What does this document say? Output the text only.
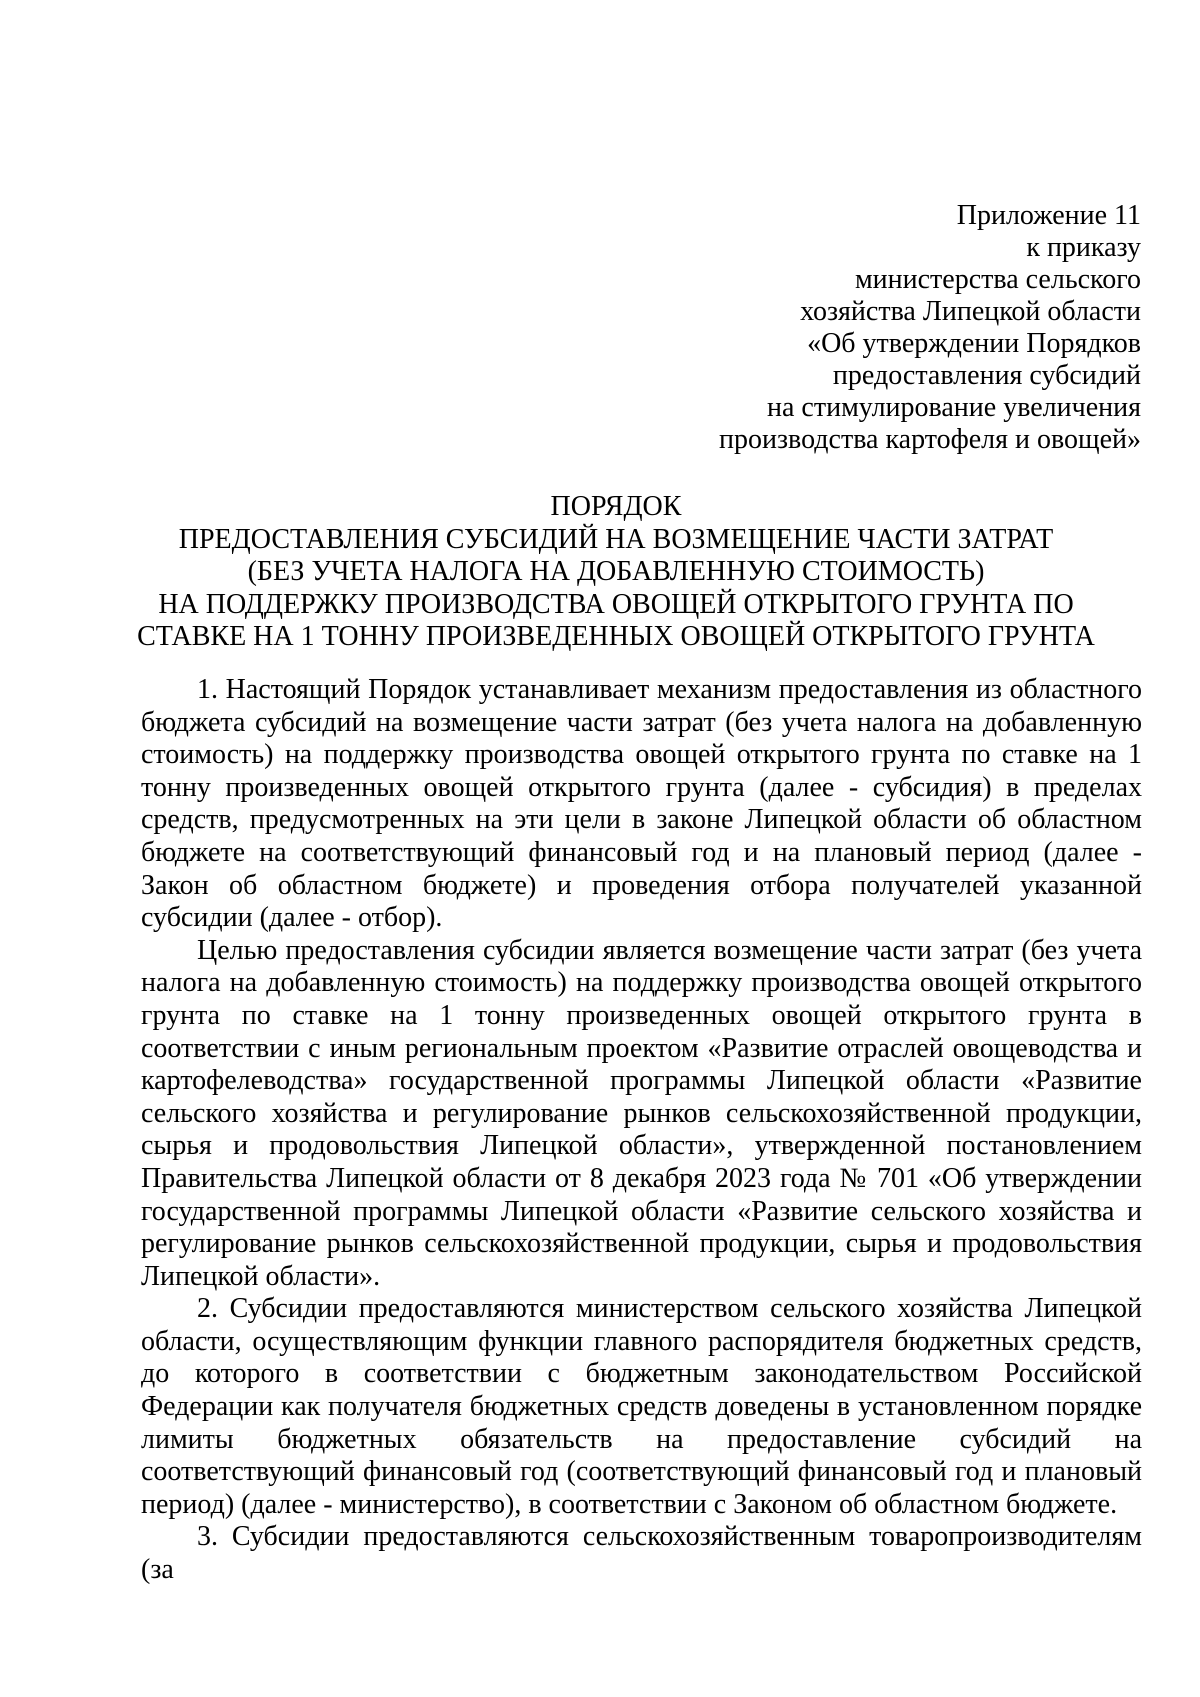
Приложение 11
к приказу
министерства сельского
хозяйства Липецкой области
«Об утверждении Порядков
предоставления субсидий
на стимулирование увеличения
производства картофеля и овощей»
ПОРЯДОК
ПРЕДОСТАВЛЕНИЯ СУБСИДИЙ НА ВОЗМЕЩЕНИЕ ЧАСТИ ЗАТРАТ
(БЕЗ УЧЕТА НАЛОГА НА ДОБАВЛЕННУЮ СТОИМОСТЬ)
НА ПОДДЕРЖКУ ПРОИЗВОДСТВА ОВОЩЕЙ ОТКРЫТОГО ГРУНТА ПО
СТАВКЕ НА 1 ТОННУ ПРОИЗВЕДЕННЫХ ОВОЩЕЙ ОТКРЫТОГО ГРУНТА

1. Настоящий Порядок устанавливает механизм предоставления из областного бюджета субсидий на возмещение части затрат (без учета налога на добавленную стоимость) на поддержку производства овощей открытого грунта по ставке на 1 тонну произведенных овощей открытого грунта (далее - субсидия) в пределах средств, предусмотренных на эти цели в законе Липецкой области об областном бюджете на соответствующий финансовый год и на плановый период (далее - Закон об областном бюджете) и проведения отбора получателей указанной субсидии (далее - отбор).

Целью предоставления субсидии является возмещение части затрат (без учета налога на добавленную стоимость) на поддержку производства овощей открытого грунта по ставке на 1 тонну произведенных овощей открытого грунта в соответствии с иным региональным проектом «Развитие отраслей овощеводства и картофелеводства» государственной программы Липецкой области «Развитие сельского хозяйства и регулирование рынков сельскохозяйственной продукции, сырья и продовольствия Липецкой области», утвержденной постановлением Правительства Липецкой области от 8 декабря 2023 года № 701 «Об утверждении государственной программы Липецкой области «Развитие сельского хозяйства и регулирование рынков сельскохозяйственной продукции, сырья и продовольствия Липецкой области».

2. Субсидии предоставляются министерством сельского хозяйства Липецкой области, осуществляющим функции главного распорядителя бюджетных средств, до которого в соответствии с бюджетным законодательством Российской Федерации как получателя бюджетных средств доведены в установленном порядке лимиты бюджетных обязательств на предоставление субсидий на соответствующий финансовый год (соответствующий финансовый год и плановый период) (далее - министерство), в соответствии с Законом об областном бюджете.

3. Субсидии предоставляются сельскохозяйственным товаропроизводителям (за
